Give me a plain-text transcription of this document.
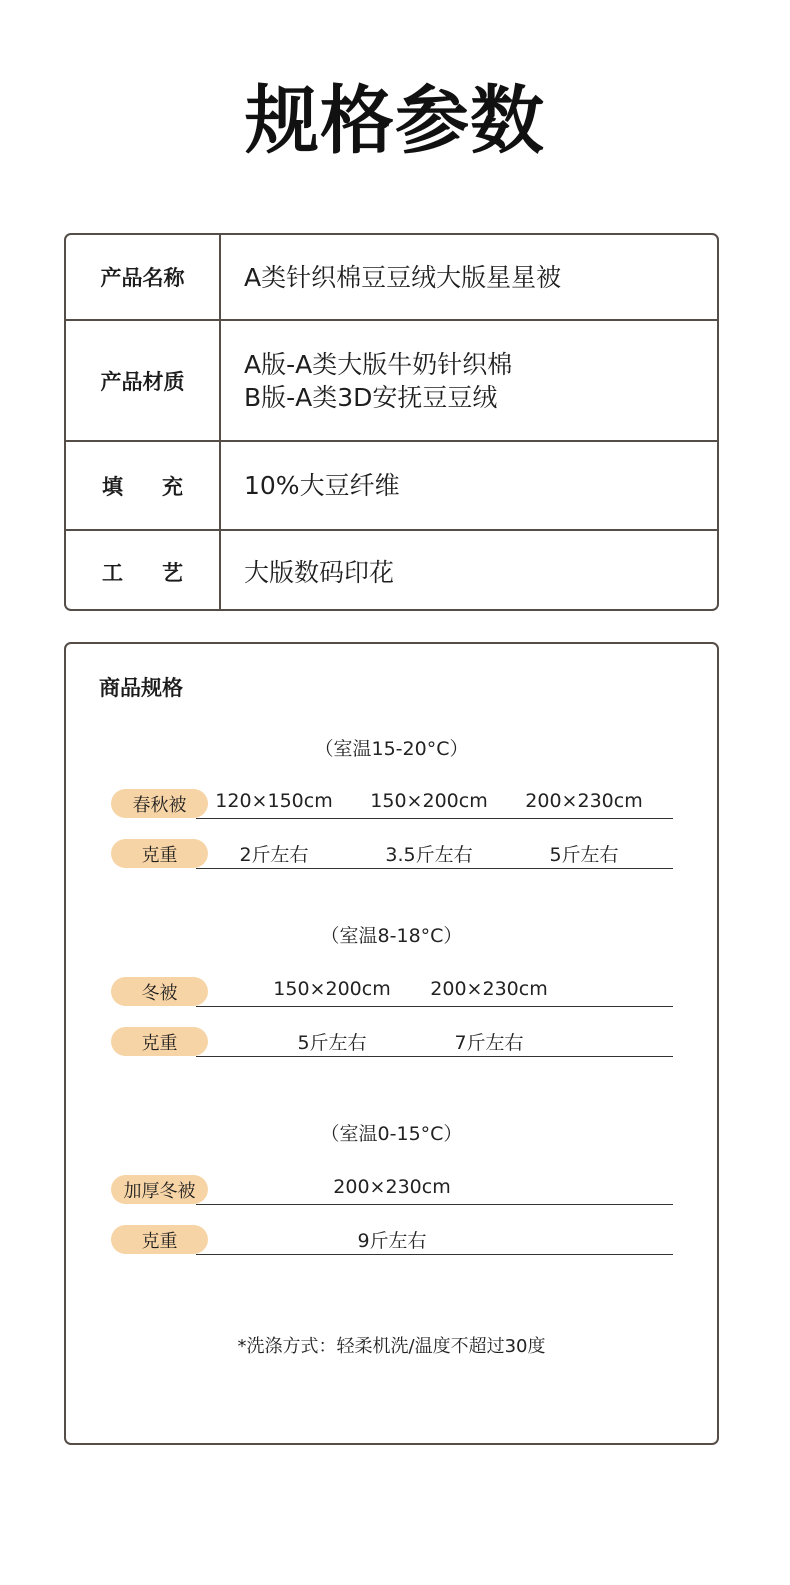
规格参数
产品名称	A类针织棉豆豆绒大版星星被
产品材质
A版-A类大版牛奶针织棉
B版-A类3D安抚豆豆绒
填 充 10%大豆纤维
工 艺 大版数码印花
商品规格
（室温15-20°C）
春秋被	120×150cm 150×200cm 200×230cm
克重	2斤左右	3.5斤左右	5斤左右
（室温8-18°C）
冬被	150×200cm 200×230cm
克重	5斤左右	7斤左右
（室温0-15°C）
加厚冬被	200×230cm
克重	9斤左右
*洗涤方式：轻柔机洗/温度不超过30度
